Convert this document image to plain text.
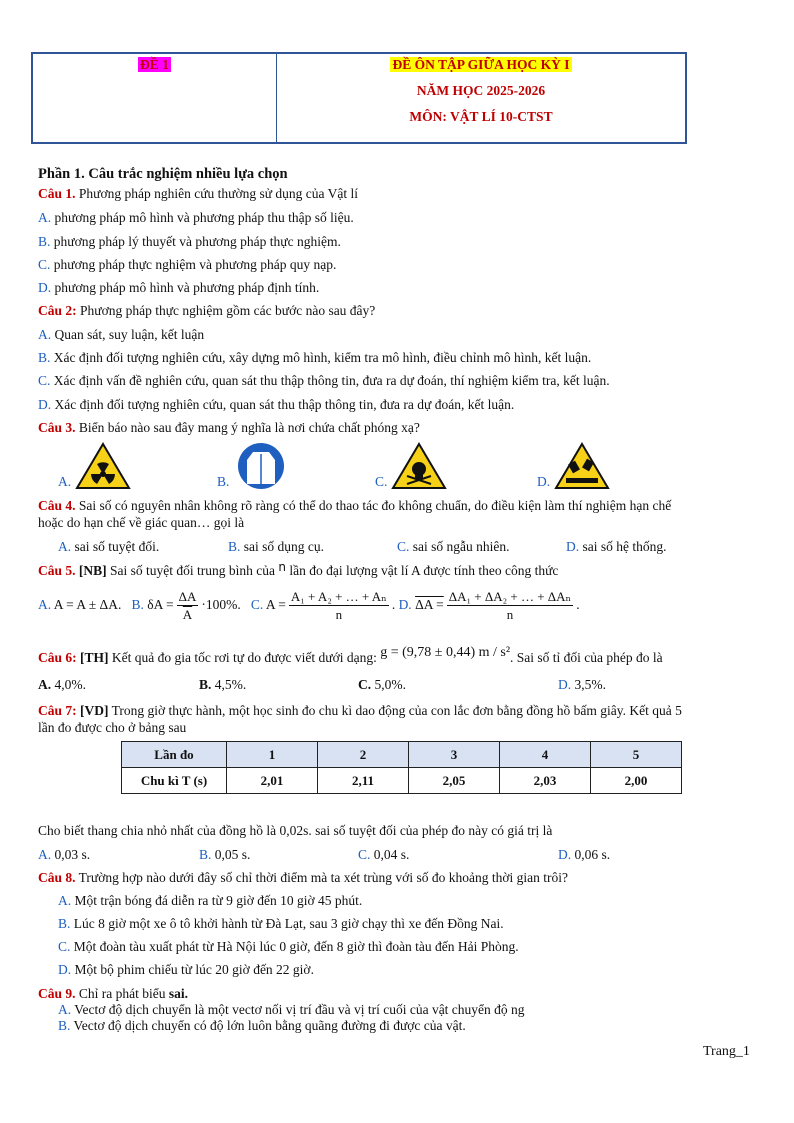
ĐỀ 1	ĐỀ ÔN TẬP GIỮA HỌC KỲ I
NĂM HỌC 2025-2026
MÔN: VẬT LÍ 10-CTST
Phần 1. Câu trắc nghiệm nhiều lựa chọn
Câu 1. Phương pháp nghiên cứu thường sử dụng của Vật lí
A. phương pháp mô hình và phương pháp thu thập số liệu.
B. phương pháp lý thuyết và phương pháp thực nghiệm.
C. phương pháp thực nghiệm và phương pháp quy nạp.
D. phương pháp mô hình và phương pháp định tính.
Câu 2: Phương pháp thực nghiệm gồm các bước nào sau đây?
A. Quan sát, suy luận, kết luận
B. Xác định đối tượng nghiên cứu, xây dựng mô hình, kiểm tra mô hình, điều chỉnh mô hình, kết luận.
C. Xác định vấn đề nghiên cứu, quan sát thu thập thông tin, đưa ra dự đoán, thí nghiệm kiểm tra, kết luận.
D. Xác định đối tượng nghiên cứu, quan sát thu thập thông tin, đưa ra dự đoán, kết luận.
Câu 3. Biển báo nào sau đây mang ý nghĩa là nơi chứa chất phóng xạ?
A.	B.	C.	D.
Câu 4. Sai số có nguyên nhân không rõ ràng có thể do thao tác đo không chuẩn, do điều kiện làm thí nghiệm hạn chế
hoặc do hạn chế về giác quan… gọi là
A. sai số tuyệt đối.	B. sai số dụng cụ.	C. sai số ngẫu nhiên.	D. sai số hệ thống.
Câu 5. [NB] Sai số tuyệt đối trung bình của n lần đo đại lượng vật lí A được tính theo công thức
A. A = A ± ΔA. B. $\delta A = \frac{\Delta A}{A} \cdot 100\%$. C. $A = \frac{\text{A₁ + A₂ + … + Aₙ}}{n}$ . D. $\Delta A = \frac{\text{ΔA₁ + ΔA₂ + … + ΔAₙ}}{n}$ .
Câu 6: [TH] Kết quả đo gia tốc rơi tự do được viết dưới dạng: g = (9,78 ± 0,44) m / s². Sai số tỉ đối của phép đo là
A. 4,0%.	B. 4,5%.	C. 5,0%.	D. 3,5%.
Câu 7: [VD] Trong giờ thực hành, một học sinh đo chu kì dao động của con lắc đơn bằng đồng hồ bấm giây. Kết quả 5
lần đo được cho ở bảng sau
Lần đo	1	2	3	4	5
Chu kì T (s)	2,01	2,11	2,05	2,03	2,00
Cho biết thang chia nhỏ nhất của đồng hồ là 0,02s. sai số tuyệt đối của phép đo này có giá trị là
A. 0,03 s.	B. 0,05 s.	C. 0,04 s.	D. 0,06 s.
Câu 8. Trường hợp nào dưới đây số chỉ thời điểm mà ta xét trùng với số đo khoảng thời gian trôi?
A. Một trận bóng đá diễn ra từ 9 giờ đến 10 giờ 45 phút.
B. Lúc 8 giờ một xe ô tô khởi hành từ Đà Lạt, sau 3 giờ chạy thì xe đến Đồng Nai.
C. Một đoàn tàu xuất phát từ Hà Nội lúc 0 giờ, đến 8 giờ thì đoàn tàu đến Hải Phòng.
D. Một bộ phim chiếu từ lúc 20 giờ đến 22 giờ.
Câu 9. Chỉ ra phát biểu sai.
A. Vectơ độ dịch chuyển là một vectơ nối vị trí đầu và vị trí cuối của vật chuyển độ ng
B. Vectơ độ dịch chuyển có độ lớn luôn bằng quãng đường đi được của vật.
Trang_1
